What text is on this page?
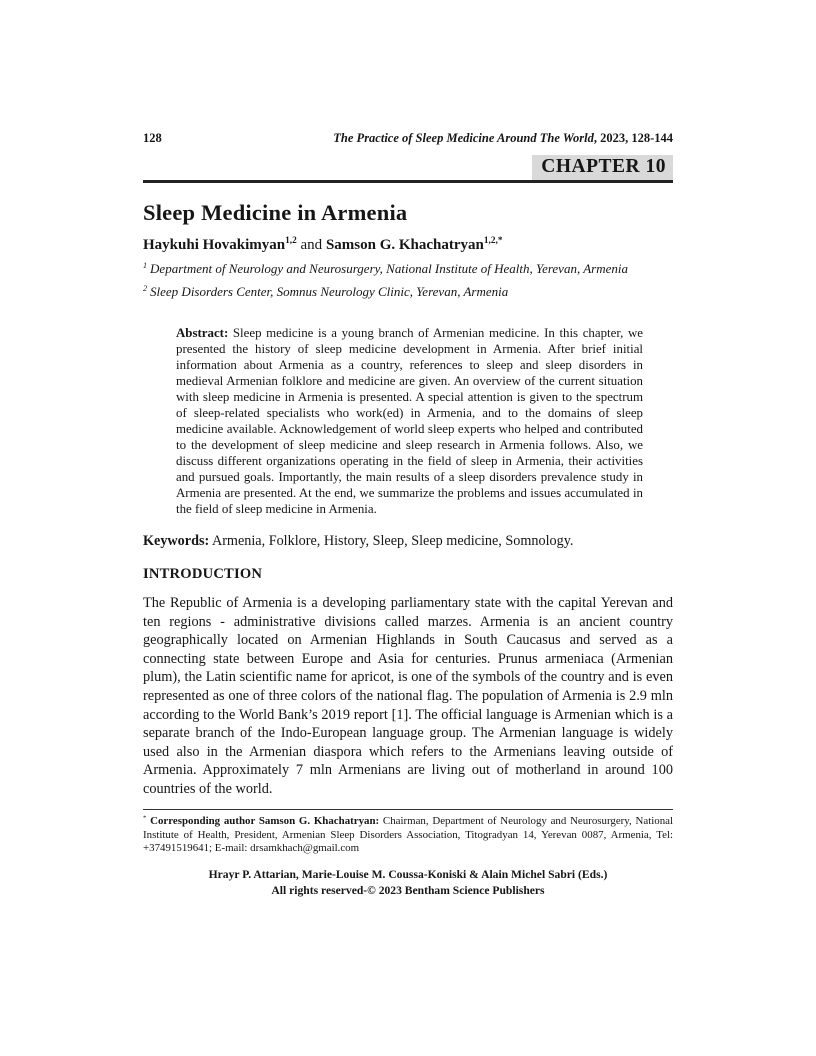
128	The Practice of Sleep Medicine Around The World, 2023, 128-144
CHAPTER 10
Sleep Medicine in Armenia
Haykuhi Hovakimyan$^{1,2}$ and Samson G. Khachatryan$^{1,2,*}$
$^1$ Department of Neurology and Neurosurgery, National Institute of Health, Yerevan, Armenia
$^2$ Sleep Disorders Center, Somnus Neurology Clinic, Yerevan, Armenia

Abstract: Sleep medicine is a young branch of Armenian medicine. In this chapter, we presented the history of sleep medicine development in Armenia. After brief initial information about Armenia as a country, references to sleep and sleep disorders in medieval Armenian folklore and medicine are given. An overview of the current situation with sleep medicine in Armenia is presented. A special attention is given to the spectrum of sleep-related specialists who work(ed) in Armenia, and to the domains of sleep medicine available. Acknowledgement of world sleep experts who helped and contributed to the development of sleep medicine and sleep research in Armenia follows. Also, we discuss different organizations operating in the field of sleep in Armenia, their activities and pursued goals. Importantly, the main results of a sleep disorders prevalence study in Armenia are presented. At the end, we summarize the problems and issues accumulated in the field of sleep medicine in Armenia.

Keywords: Armenia, Folklore, History, Sleep, Sleep medicine, Somnology.

INTRODUCTION

The Republic of Armenia is a developing parliamentary state with the capital Yerevan and ten regions - administrative divisions called marzes. Armenia is an ancient country geographically located on Armenian Highlands in South Caucasus and served as a connecting state between Europe and Asia for centuries. Prunus armeniaca (Armenian plum), the Latin scientific name for apricot, is one of the symbols of the country and is even represented as one of three colors of the national flag. The population of Armenia is 2.9 mln according to the World Bank’s 2019 report [1]. The official language is Armenian which is a separate branch of the Indo-European language group. The Armenian language is widely used also in the Armenian diaspora which refers to the Armenians leaving outside of Armenia. Approximately 7 mln Armenians are living out of motherland in around 100 countries of the world.

* Corresponding author Samson G. Khachatryan: Chairman, Department of Neurology and Neurosurgery, National Institute of Health, President, Armenian Sleep Disorders Association, Titogradyan 14, Yerevan 0087, Armenia, Tel: +37491519641; E-mail: drsamkhach@gmail.com

Hrayr P. Attarian, Marie-Louise M. Coussa-Koniski & Alain Michel Sabri (Eds.)
All rights reserved-© 2023 Bentham Science Publishers
